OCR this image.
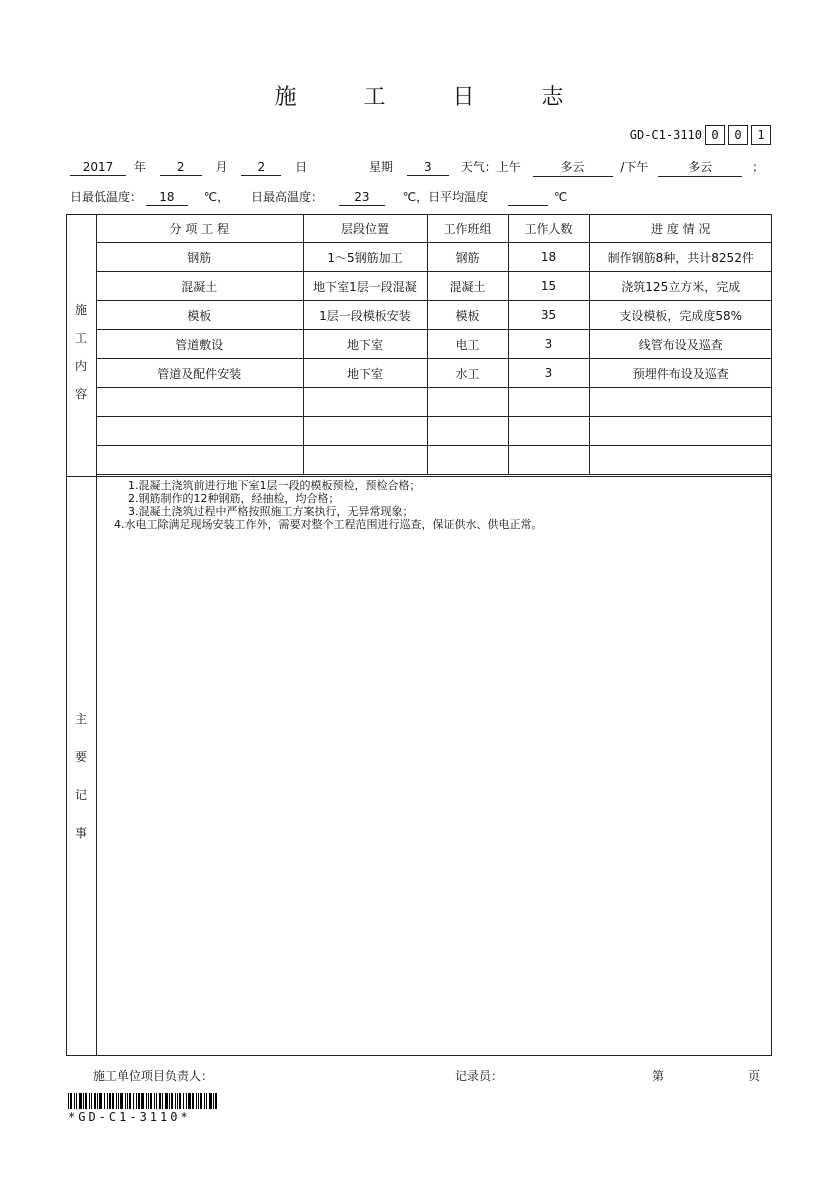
施 工 日 志
GD-C1-3110 0	0	1
2017 年	2	月	2	日	星期	3 天气：上午	多云	/下午	多云	；
日最低温度： 18 ℃， 日最高温度：	23	℃，日平均温度	℃
分 项 工 程	层段位置	工作班组	工作人数	进 度 情 况
钢筋	1～5钢筋加工	钢筋	18	制作钢筋8种，共计8252件
混凝土	地下室1层一段混凝	混凝土	15	浇筑125立方米，完成
模板	1层一段模板安装	模板	35	支设模板，完成度58%
管道敷设	地下室	电工	3	线管布设及巡查
管道及配件安装	地下室	水工	3	预埋件布设及巡查

施
工
内
容
主
要
记
事
1.混凝土浇筑前进行地下室1层一段的模板预检，预检合格；
2.钢筋制作的12种钢筋，经抽检，均合格；
3.混凝土浇筑过程中严格按照施工方案执行，无异常现象；
4.水电工除满足现场安装工作外，需要对整个工程范围进行巡查，保证供水、供电正常。
施工单位项目负责人：	记录员：	第	页
*GD-C1-3110*
